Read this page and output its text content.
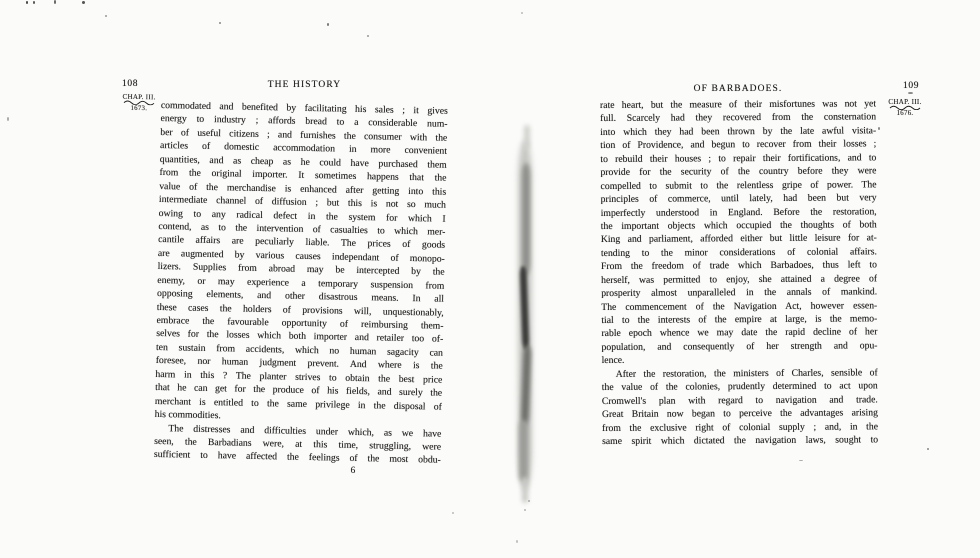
108	THE HISTORY
CHAP. III.
1673.	commodated and benefited by facilitating his sales ; it gives
energy to industry ; affords bread to a considerable num-
ber of useful citizens ; and furnishes the consumer with the
articles of domestic accommodation in more convenient
quantities, and as cheap as he could have purchased them
from the original importer. It sometimes happens that the
value of the merchandise is enhanced after getting into this
intermediate channel of diffusion ; but this is not so much
owing to any radical defect in the system for which I
contend, as to the intervention of casualties to which mer-
cantile affairs are peculiarly liable. The prices of goods
are augmented by various causes independant of monopo-
lizers. Supplies from abroad may be intercepted by the
enemy, or may experience a temporary suspension from
opposing elements, and other disastrous means. In all
these cases the holders of provisions will, unquestionably,
embrace the favourable opportunity of reimbursing them-
selves for the losses which both importer and retailer too of-
ten sustain from accidents, which no human sagacity can
foresee, nor human judgment prevent. And where is the
harm in this ? The planter strives to obtain the best price
that he can get for the produce of his fields, and surely the
merchant is entitled to the same privilege in the disposal of
his commodities.
The distresses and difficulties under which, as we have
seen, the Barbadians were, at this time, struggling, were
sufficient to have affected the feelings of the most obdu-
6
OF BARBADOES.	109
CHAP. III.
1676.
rate heart, but the measure of their misfortunes was not yet
full. Scarcely had they recovered from the consternation
into which they had been thrown by the late awful visita-
tion of Providence, and begun to recover from their losses ;
to rebuild their houses ; to repair their fortifications, and to
provide for the security of the country before they were
compelled to submit to the relentless gripe of power. The
principles of commerce, until lately, had been but very
imperfectly understood in England. Before the restoration,
the important objects which occupied the thoughts of both
King and parliament, afforded either but little leisure for at-
tending to the minor considerations of colonial affairs.
From the freedom of trade which Barbadoes, thus left to
herself, was permitted to enjoy, she attained a degree of
prosperity almost unparalleled in the annals of mankind.
The commencement of the Navigation Act, however essen-
tial to the interests of the empire at large, is the memo-
rable epoch whence we may date the rapid decline of her
population, and consequently of her strength and opu-
lence.
After the restoration, the ministers of Charles, sensible of
the value of the colonies, prudently determined to act upon
Cromwell's plan with regard to navigation and trade.
Great Britain now began to perceive the advantages arising
from the exclusive right of colonial supply ; and, in the
same spirit which dictated the navigation laws, sought to
